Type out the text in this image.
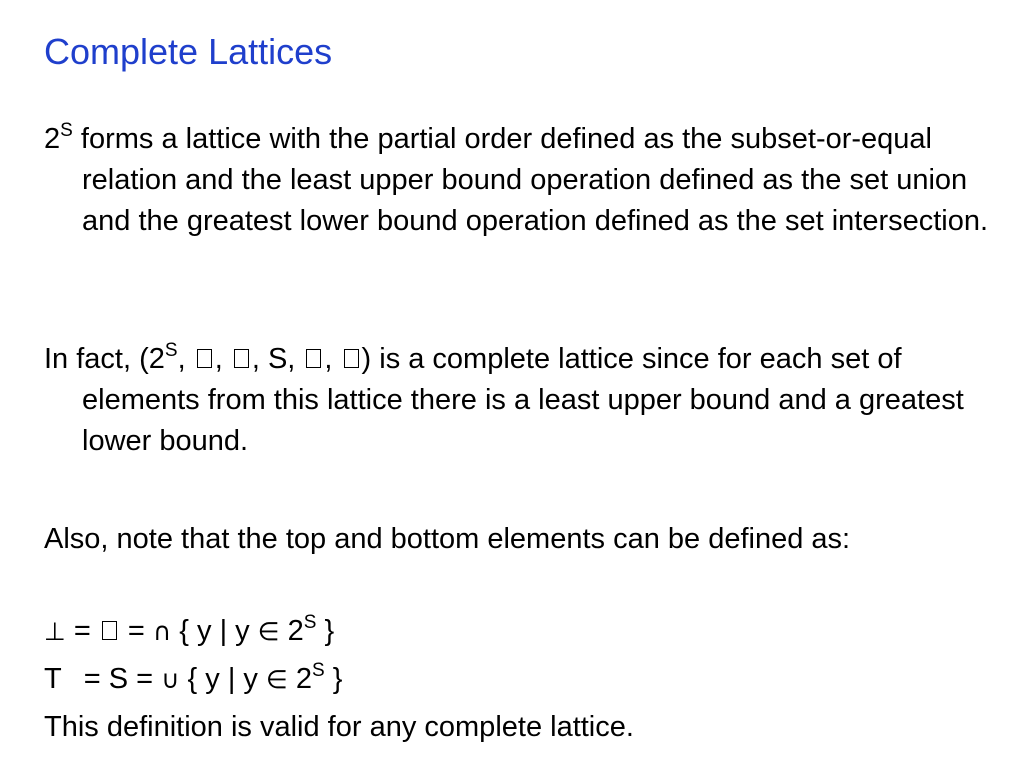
Complete Lattices

$2^S$ forms a lattice with the partial order defined as the subset-or-equal relation and the least upper bound operation defined as the set union and the greatest lower bound operation defined as the set intersection.

In fact, ($2^S$, , , S, , ) is a complete lattice since for each set of elements from this lattice there is a least upper bound and a greatest lower bound.

Also, note that the top and bottom elements can be defined as:

⊥ =  = ∩ { y | y ∈ $2^S$ }

T = S = ∪ { y | y ∈ $2^S$ }

This definition is valid for any complete lattice.
